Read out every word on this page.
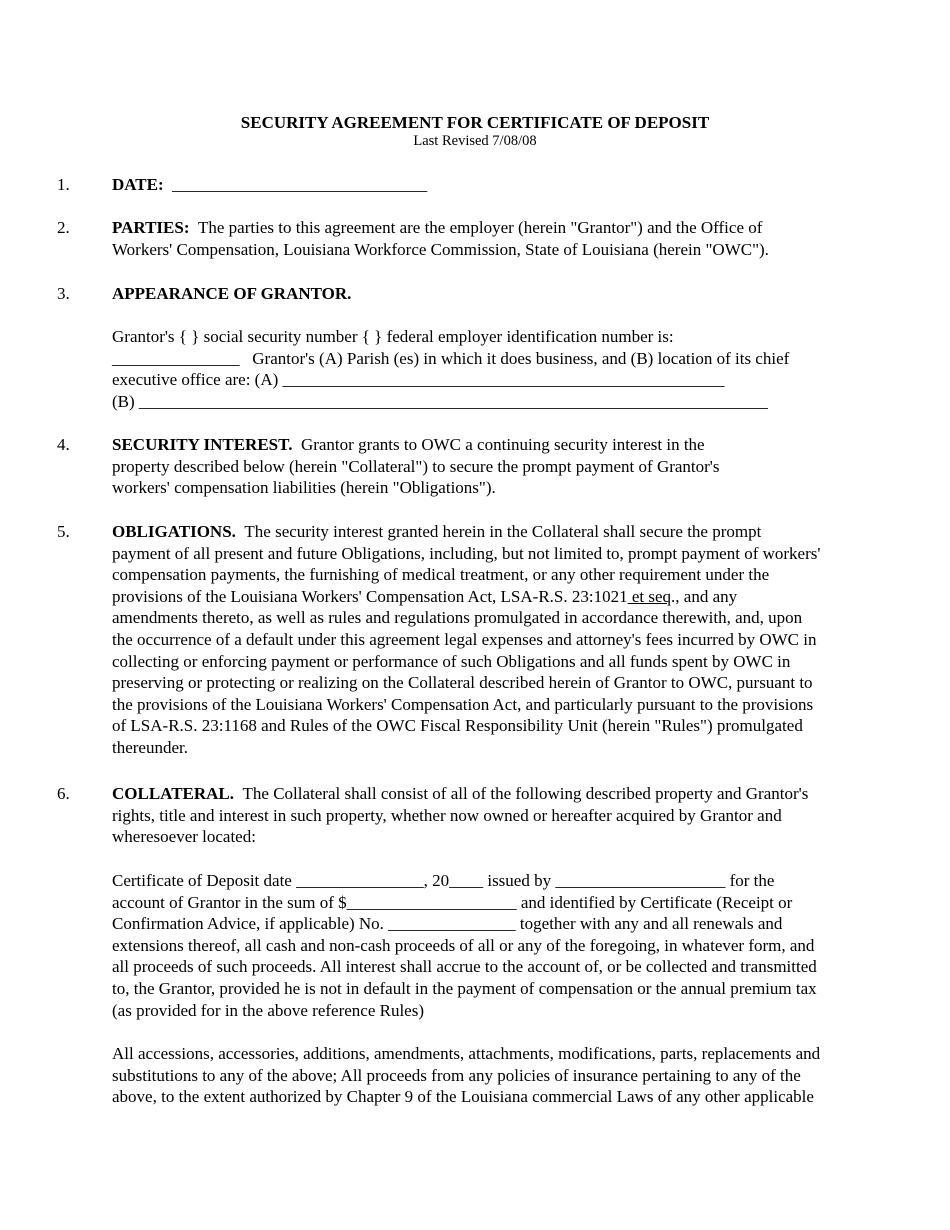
SECURITY AGREEMENT FOR CERTIFICATE OF DEPOSIT
Last Revised 7/08/08
1. DATE: ______________________________
2. PARTIES: The parties to this agreement are the employer (herein "Grantor") and the Office of
Workers' Compensation, Louisiana Workforce Commission, State of Louisiana (herein "OWC").
3. APPEARANCE OF GRANTOR.
Grantor's { } social security number { } federal employer identification number is:
_______________ Grantor's (A) Parish (es) in which it does business, and (B) location of its chief
executive office are: (A) ____________________________________________________
(B) __________________________________________________________________________
4. SECURITY INTEREST. Grantor grants to OWC a continuing security interest in the
property described below (herein "Collateral") to secure the prompt payment of Grantor's
workers' compensation liabilities (herein "Obligations").
5. OBLIGATIONS. The security interest granted herein in the Collateral shall secure the prompt
payment of all present and future Obligations, including, but not limited to, prompt payment of workers'
compensation payments, the furnishing of medical treatment, or any other requirement under the
provisions of the Louisiana Workers' Compensation Act, LSA-R.S. 23:1021 et seq., and any
amendments thereto, as well as rules and regulations promulgated in accordance therewith, and, upon
the occurrence of a default under this agreement legal expenses and attorney's fees incurred by OWC in
collecting or enforcing payment or performance of such Obligations and all funds spent by OWC in
preserving or protecting or realizing on the Collateral described herein of Grantor to OWC, pursuant to
the provisions of the Louisiana Workers' Compensation Act, and particularly pursuant to the provisions
of LSA-R.S. 23:1168 and Rules of the OWC Fiscal Responsibility Unit (herein "Rules") promulgated
thereunder.
6. COLLATERAL. The Collateral shall consist of all of the following described property and Grantor's
rights, title and interest in such property, whether now owned or hereafter acquired by Grantor and
wheresoever located:
Certificate of Deposit date _______________, 20____ issued by ____________________ for the
account of Grantor in the sum of $____________________ and identified by Certificate (Receipt or
Confirmation Advice, if applicable) No. _______________ together with any and all renewals and
extensions thereof, all cash and non-cash proceeds of all or any of the foregoing, in whatever form, and
all proceeds of such proceeds. All interest shall accrue to the account of, or be collected and transmitted
to, the Grantor, provided he is not in default in the payment of compensation or the annual premium tax
(as provided for in the above reference Rules)
All accessions, accessories, additions, amendments, attachments, modifications, parts, replacements and
substitutions to any of the above; All proceeds from any policies of insurance pertaining to any of the
above, to the extent authorized by Chapter 9 of the Louisiana commercial Laws of any other applicable
